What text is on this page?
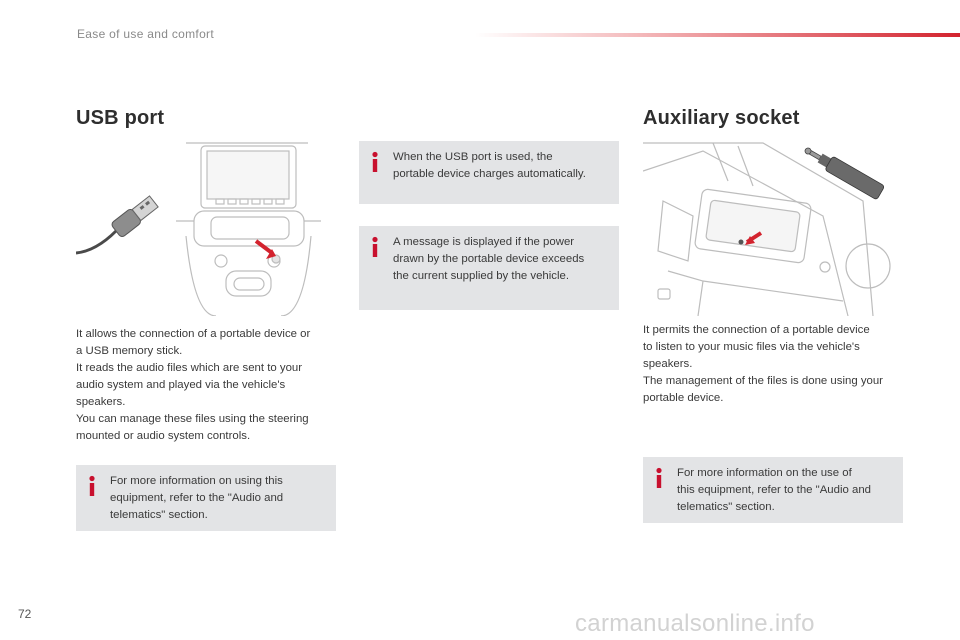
Ease of use and comfort
USB port
It allows the connection of a portable device or
a USB memory stick.
It reads the audio files which are sent to your
audio system and played via the vehicle's
speakers.
You can manage these files using the steering
mounted or audio system controls.
For more information on using this
equipment, refer to the "Audio and
telematics" section.
When the USB port is used, the
portable device charges automatically.
A message is displayed if the power
drawn by the portable device exceeds
the current supplied by the vehicle.
Auxiliary socket
It permits the connection of a portable device
to listen to your music files via the vehicle's
speakers.
The management of the files is done using your
portable device.
For more information on the use of
this equipment, refer to the "Audio and
telematics" section.
72	carmanualsonline.info
